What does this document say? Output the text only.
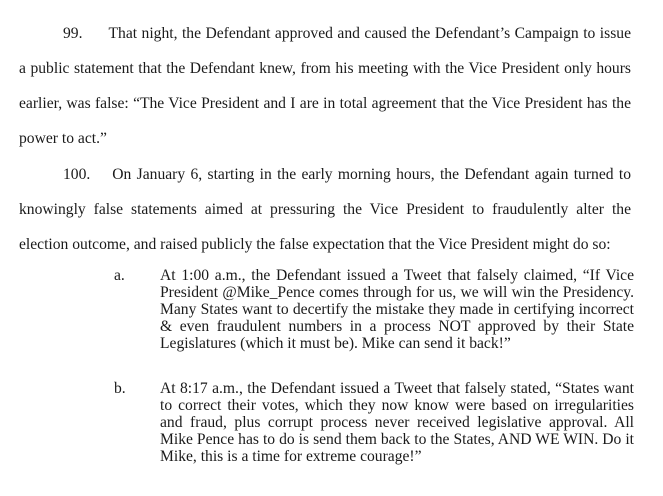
99. That night, the Defendant approved and caused the Defendant’s Campaign to issue a public statement that the Defendant knew, from his meeting with the Vice President only hours earlier, was false: “The Vice President and I are in total agreement that the Vice President has the power to act.”

100. On January 6, starting in the early morning hours, the Defendant again turned to knowingly false statements aimed at pressuring the Vice President to fraudulently alter the election outcome, and raised publicly the false expectation that the Vice President might do so:

a. At 1:00 a.m., the Defendant issued a Tweet that falsely claimed, “If Vice President @Mike_Pence comes through for us, we will win the Presidency. Many States want to decertify the mistake they made in certifying incorrect & even fraudulent numbers in a process NOT approved by their State Legislatures (which it must be). Mike can send it back!”
b. At 8:17 a.m., the Defendant issued a Tweet that falsely stated, “States want to correct their votes, which they now know were based on irregularities and fraud, plus corrupt process never received legislative approval. All Mike Pence has to do is send them back to the States, AND WE WIN. Do it Mike, this is a time for extreme courage!”
